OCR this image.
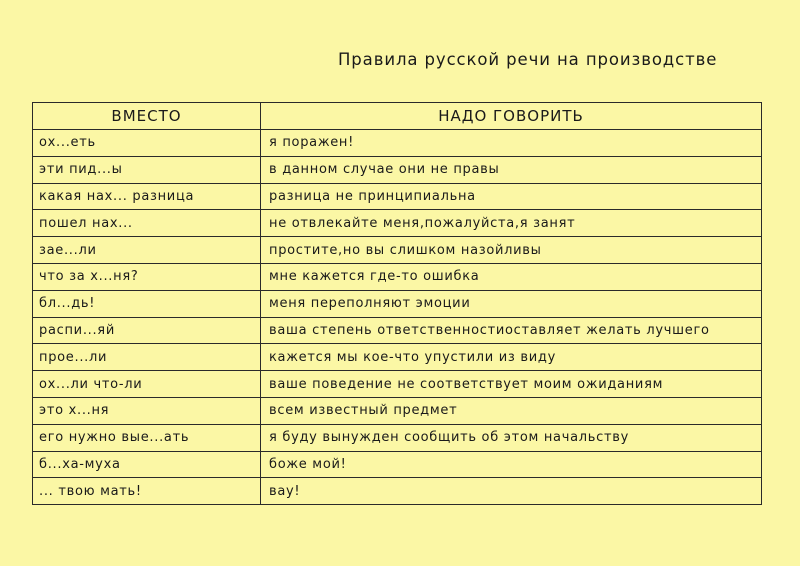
Правила русской речи на производстве
ВМЕСТО	НАДО ГОВОРИТЬ
ох...еть	я поражен!
эти пид...ы	в данном случае они не правы
какая нах... разница	разница не принципиальна
пошел нах...	не отвлекайте меня,пожалуйста,я занят
зае...ли	простите,но вы слишком назойливы
что за х...ня?	мне кажется где-то ошибка
бл...дь!	меня переполняют эмоции
распи...яй	ваша степень ответственностиоставляет желать лучшего
прое...ли	кажется мы кое-что упустили из виду
ох...ли что-ли	ваше поведение не соответствует моим ожиданиям
это х...ня	всем известный предмет
его нужно вые...ать	я буду вынужден сообщить об этом начальству
б...ха-муха	боже мой!
... твою мать!	вау!
